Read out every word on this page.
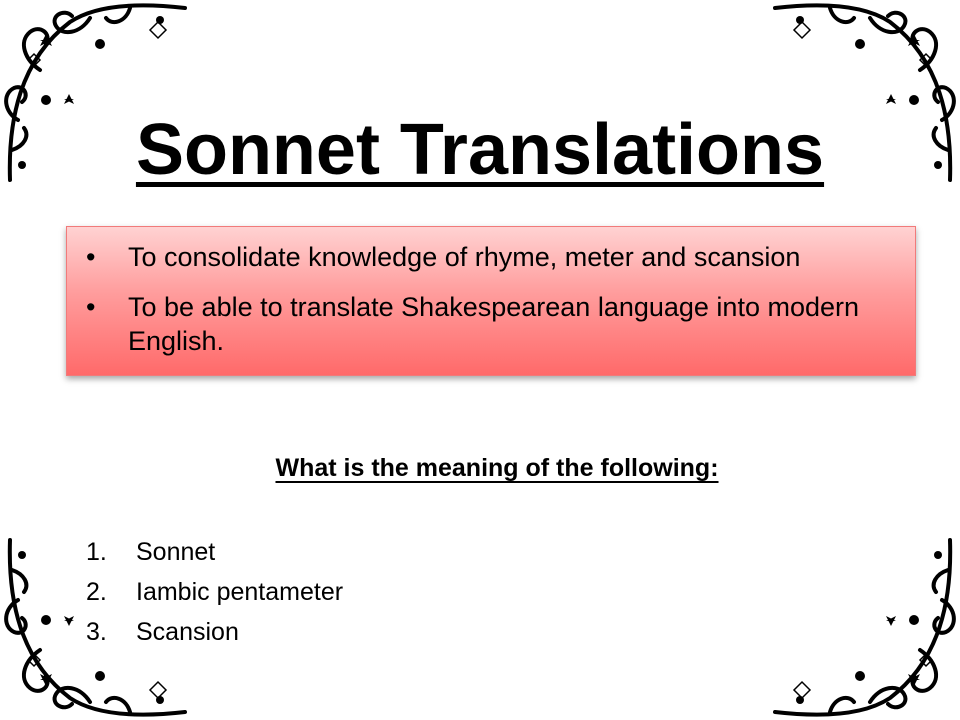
Sonnet Translations
• To consolidate knowledge of rhyme, meter and scansion
• To be able to translate Shakespearean language into modern English.
What is the meaning of the following:
1. Sonnet
2. Iambic pentameter
3. Scansion
